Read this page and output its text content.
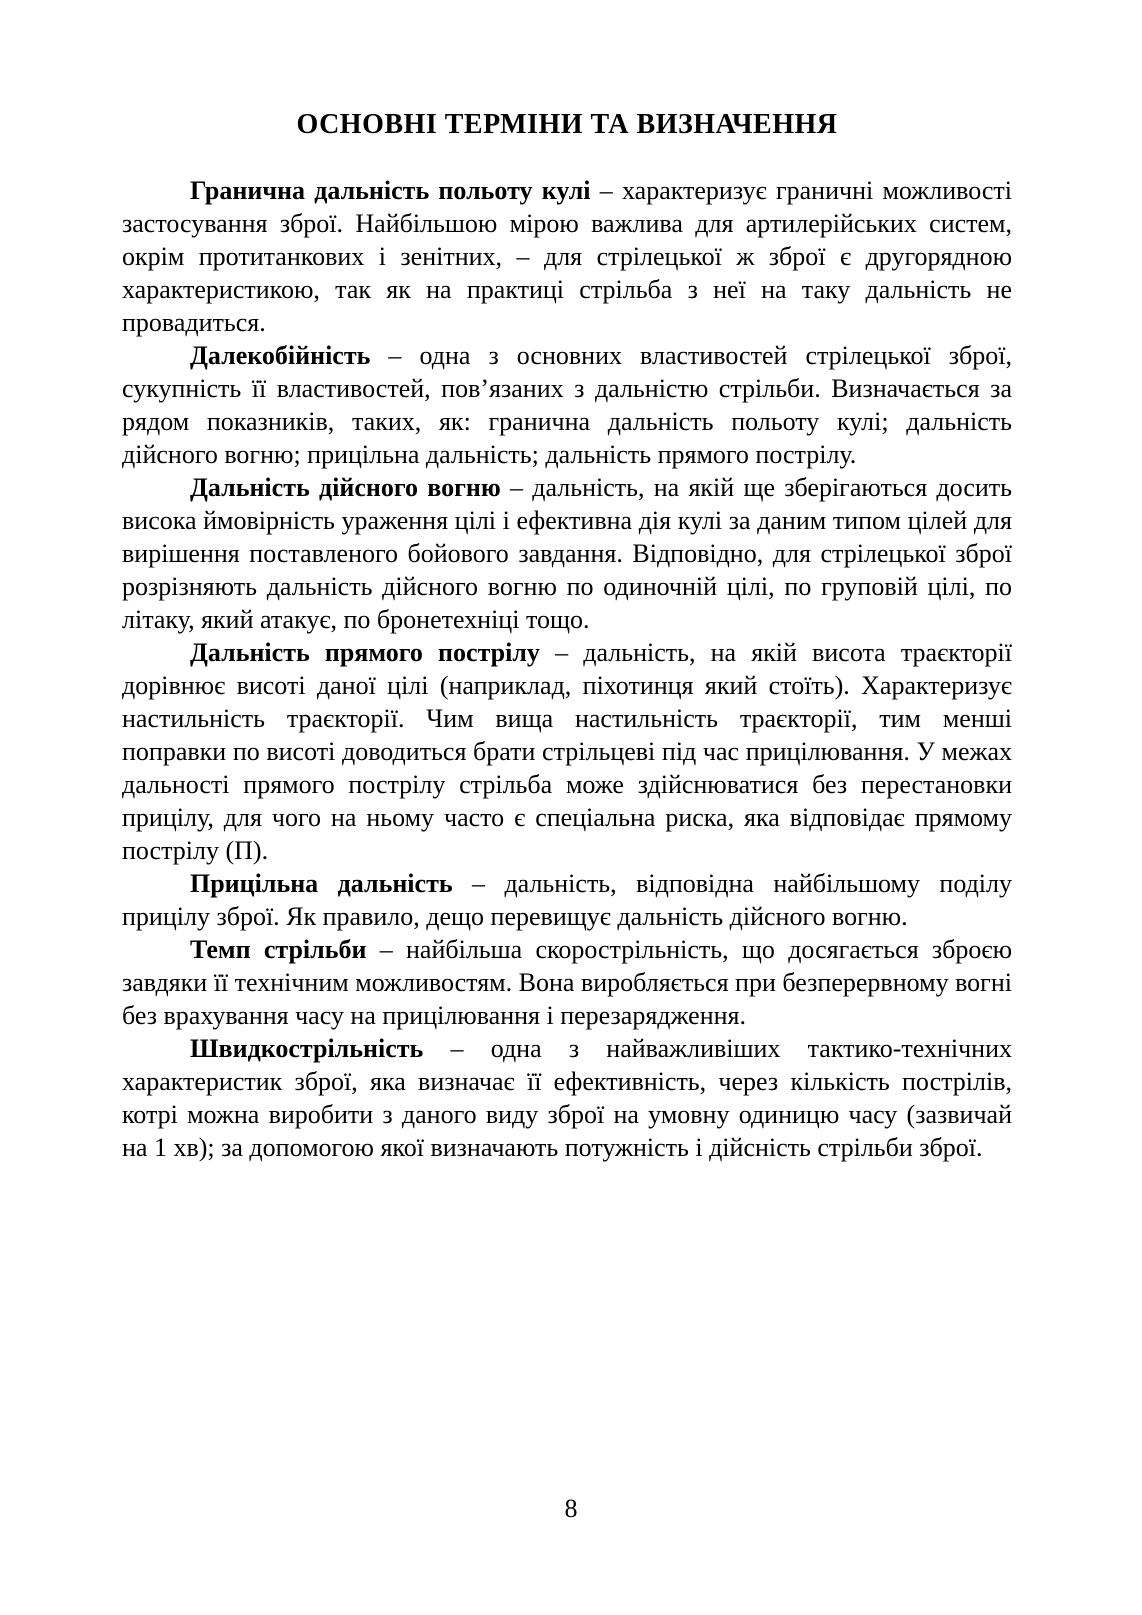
ОСНОВНІ ТЕРМІНИ ТА ВИЗНАЧЕННЯ

Гранична дальність польоту кулі – характеризує граничні можливості застосування зброї. Найбільшою мірою важлива для артилерійських систем, окрім протитанкових і зенітних, – для стрілецької ж зброї є другорядною характеристикою, так як на практиці стрільба з неї на таку дальність не провадиться.

Далекобійність – одна з основних властивостей стрілецької зброї, сукупність її властивостей, пов’язаних з дальністю стрільби. Визначається за рядом показників, таких, як: гранична дальність польоту кулі; дальність дійсного вогню; прицільна дальність; дальність прямого пострілу.

Дальність дійсного вогню – дальність, на якій ще зберігаються досить висока ймовірність ураження цілі і ефективна дія кулі за даним типом цілей для вирішення поставленого бойового завдання. Відповідно, для стрілецької зброї розрізняють дальність дійсного вогню по одиночній цілі, по груповій цілі, по літаку, який атакує, по бронетехніці тощо.

Дальність прямого пострілу – дальність, на якій висота траєкторії дорівнює висоті даної цілі (наприклад, піхотинця який стоїть). Характеризує настильність траєкторії. Чим вища настильність траєкторії, тим менші поправки по висоті доводиться брати стрільцеві під час прицілювання. У межах дальності прямого пострілу стрільба може здійснюватися без перестановки прицілу, для чого на ньому часто є спеціальна риска, яка відповідає прямому пострілу (П).

Прицільна дальність – дальність, відповідна найбільшому поділу прицілу зброї. Як правило, дещо перевищує дальність дійсного вогню.

Темп стрільби – найбільша скорострільність, що досягається зброєю завдяки її технічним можливостям. Вона виробляється при безперервному вогні без врахування часу на прицілювання і перезарядження.

Швидкострільність – одна з найважливіших тактико-технічних характеристик зброї, яка визначає її ефективність, через кількість пострілів, котрі можна виробити з даного виду зброї на умовну одиницю часу (зазвичай на 1 хв); за допомогою якої визначають потужність і дійсність стрільби зброї.

8
